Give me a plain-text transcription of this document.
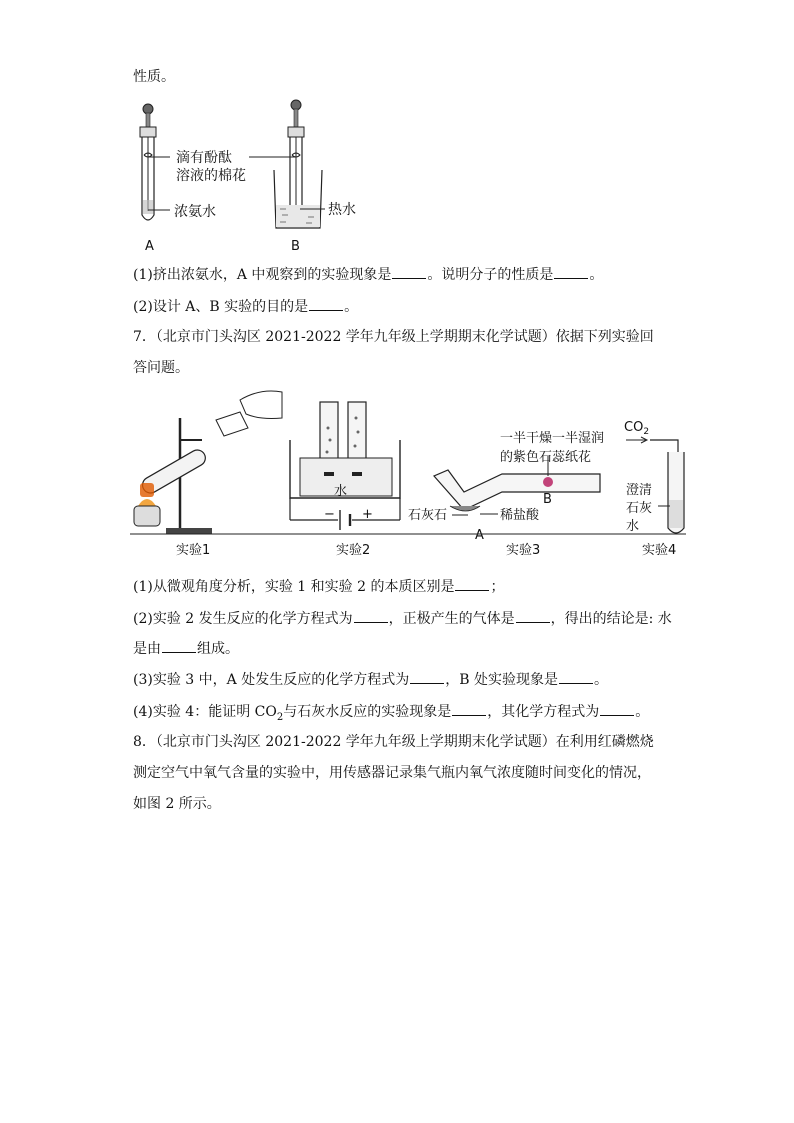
性质。
滴有酚酞
溶液的棉花
浓氨水	热水
A	B
(1)挤出浓氨水，A 中观察到的实验现象是	。说明分子的性质是	。
(2)设计 A、B 实验的目的是	。
7．（北京市门头沟区 2021-2022 学年九年级上学期期末化学试题）依据下列实验回答问题。
水
− +
一半干燥一半湿润
的紫色石蕊纸花
B
石灰石	稀盐酸
A
$CO_2$
澄清
石灰
水
实验1	实验2	实验3	实验4
(1)从微观角度分析，实验 1 和实验 2 的本质区别是	；
(2)实验 2 发生反应的化学方程式为	，正极产生的气体是	，得出的结论是: 水
是由	组成。
(3)实验 3 中，A 处发生反应的化学方程式为	，B 处实验现象是	。
(4)实验 4：能证明 $CO_2$与石灰水反应的实验现象是	，其化学方程式为	。
8．（北京市门头沟区 2021-2022 学年九年级上学期期末化学试题）在利用红磷燃烧测定空气中氧气含量的实验中，用传感器记录集气瓶内氧气浓度随时间变化的情况，如图 2 所示。
